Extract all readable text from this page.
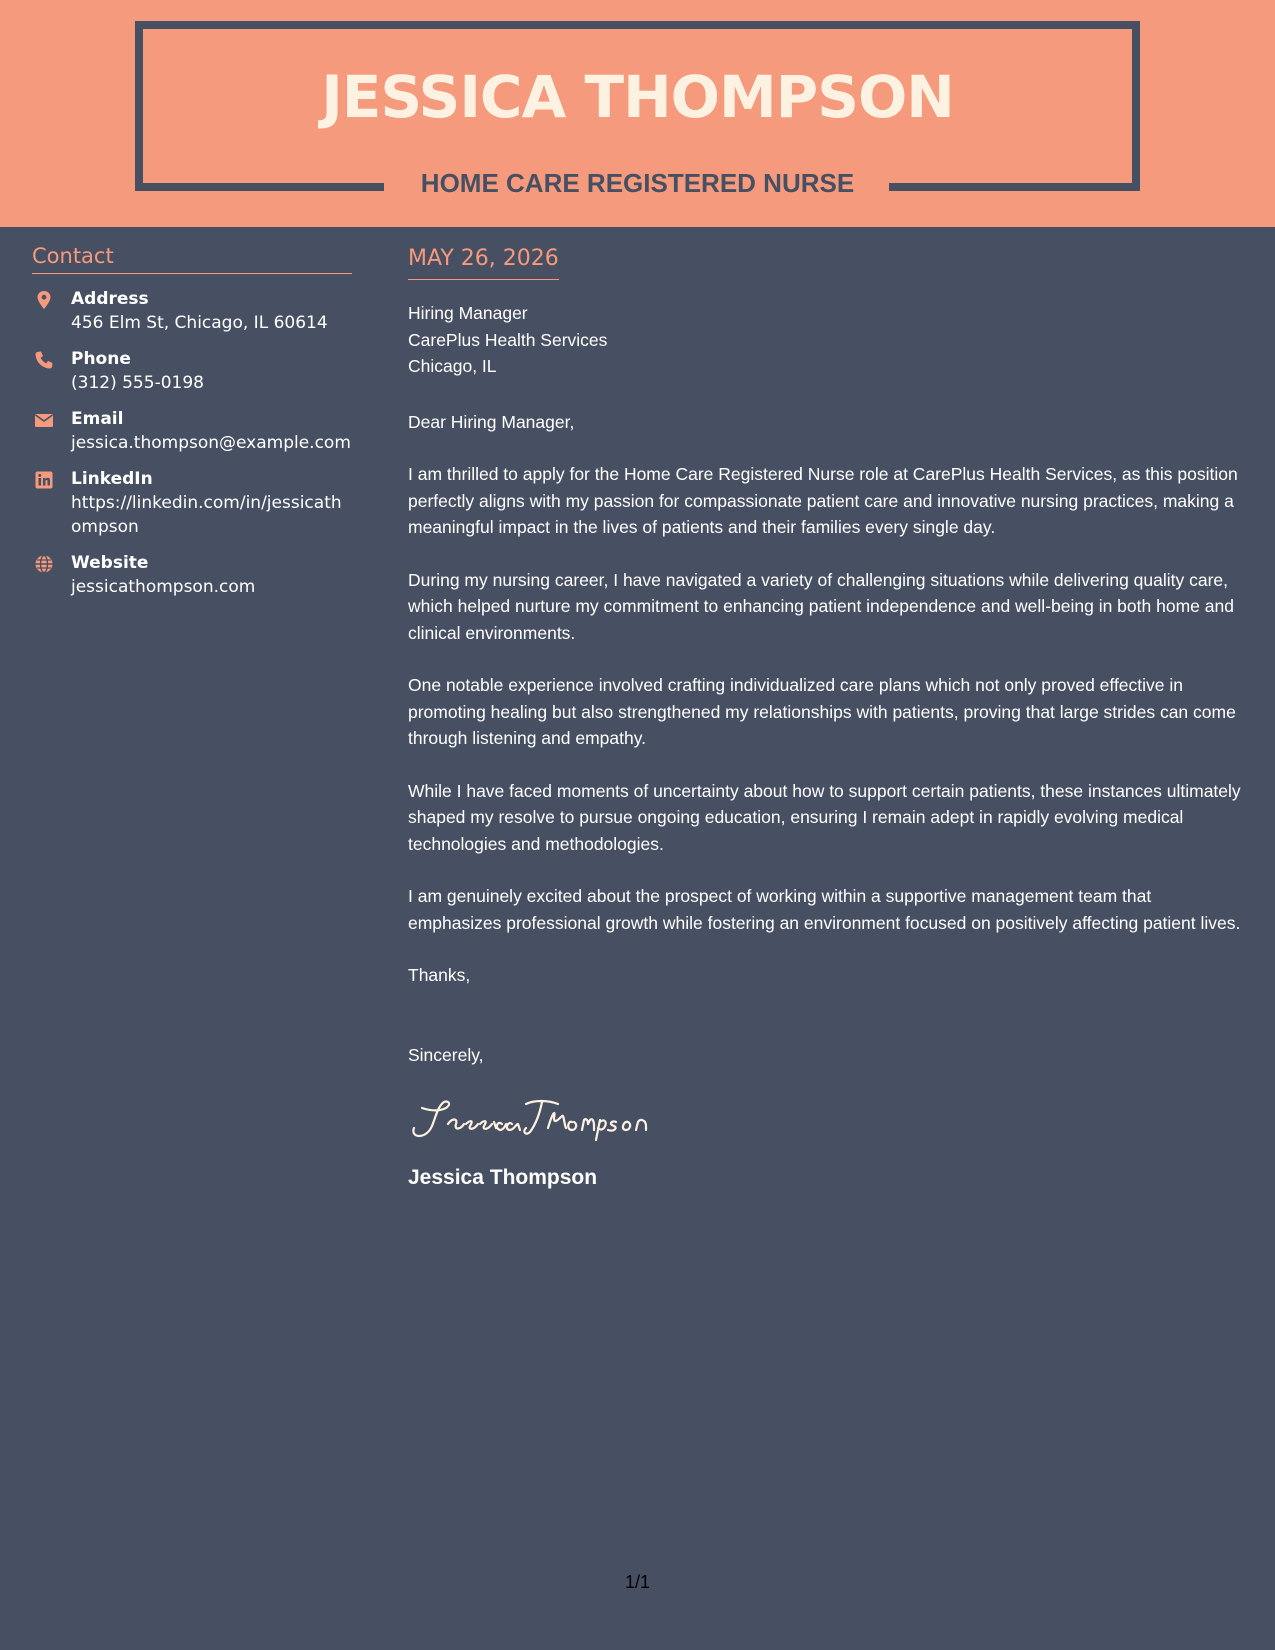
JESSICA THOMPSON
HOME CARE REGISTERED NURSE
Contact
Address
456 Elm St, Chicago, IL 60614
Phone
(312) 555-0198
Email
jessica.thompson@example.com
LinkedIn
https://linkedin.com/in/jessicathompson
Website
jessicathompson.com
MAY 26, 2026

Hiring Manager

CarePlus Health Services

Chicago, IL

Dear Hiring Manager,

I am thrilled to apply for the Home Care Registered Nurse role at CarePlus Health Services, as this position perfectly aligns with my passion for compassionate patient care and innovative nursing practices, making a meaningful impact in the lives of patients and their families every single day.

During my nursing career, I have navigated a variety of challenging situations while delivering quality care, which helped nurture my commitment to enhancing patient independence and well-being in both home and clinical environments.

One notable experience involved crafting individualized care plans which not only proved effective in promoting healing but also strengthened my relationships with patients, proving that large strides can come through listening and empathy.

While I have faced moments of uncertainty about how to support certain patients, these instances ultimately shaped my resolve to pursue ongoing education, ensuring I remain adept in rapidly evolving medical technologies and methodologies.

I am genuinely excited about the prospect of working within a supportive management team that emphasizes professional growth while fostering an environment focused on positively affecting patient lives.

Thanks,

Sincerely,

Jessica Thompson
1/1
